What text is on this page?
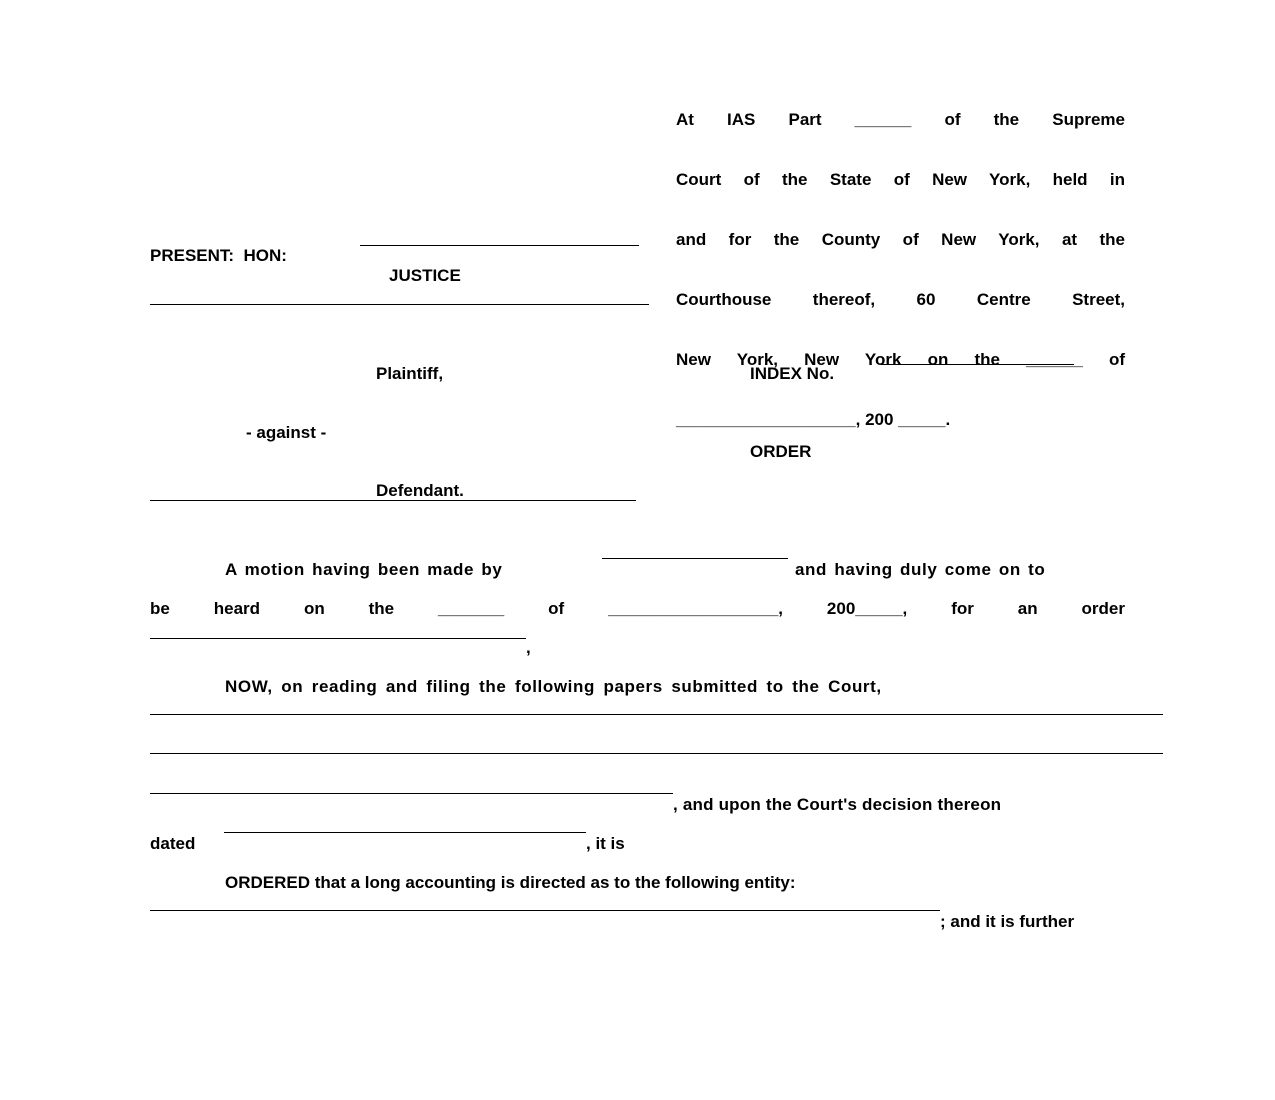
At IAS Part ______ of the Supreme

Court of the State of New York, held in

and for the County of New York, at the

Courthouse thereof, 60 Centre Street,

New York, New York on the ______ of

___________________, 200 _____.

PRESENT:  HON:
JUSTICE
Plaintiff,	INDEX No.
- against -
ORDER
Defendant.
A motion having been made by	and having duly come on to
be	heard	on	the	_______	of	__________________,	200_____,	for	an	order
,
NOW, on reading and filing the following papers submitted to the Court,
, and upon the Court's decision thereon
dated	, it is
ORDERED that a long accounting is directed as to the following entity:
; and it is further
